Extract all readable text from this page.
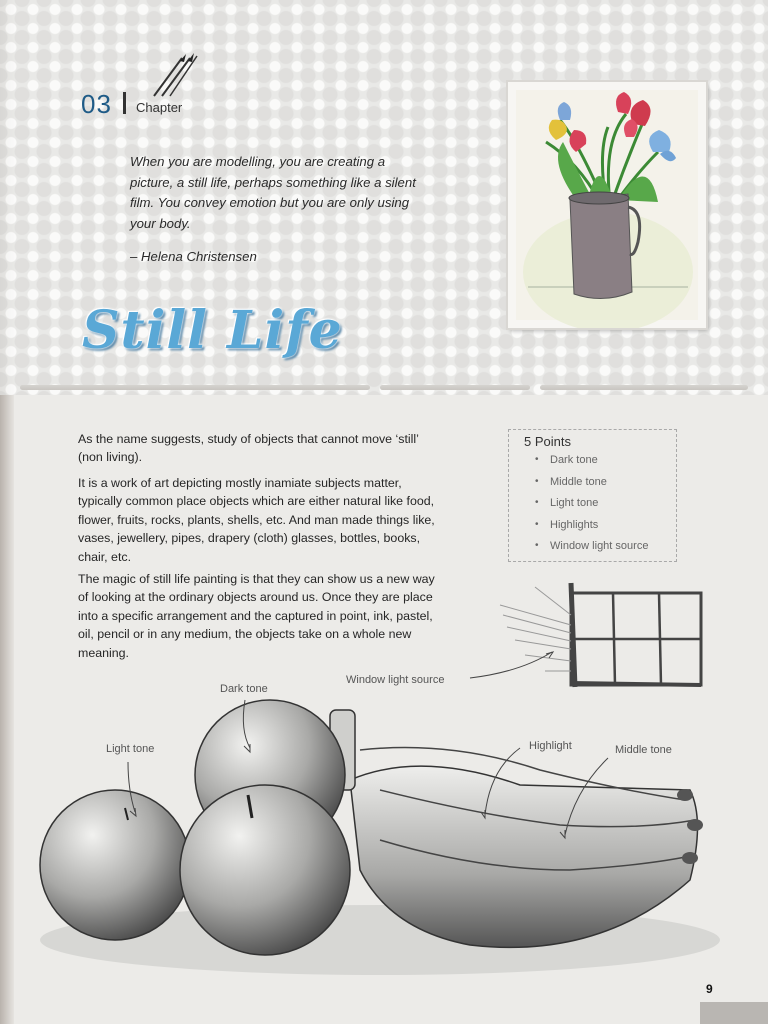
03 Chapter
When you are modelling, you are creating a picture, a still life, perhaps something like a silent film. You convey emotion but you are only using your body.
– Helena Christensen
Still Life

As the name suggests, study of objects that cannot move ‘still’ (non living).

It is a work of art depicting mostly inamiate subjects matter, typically common place objects which are either natural like food, flower, fruits, rocks, plants, shells, etc. And man made things like, vases, jewellery, pipes, drapery (cloth) glasses, bottles, books, chair, etc.

The magic of still life painting is that they can show us a new way of looking at the ordinary objects around us. Once they are place into a specific arrangement and the captured in point, ink, pastel, oil, pencil or in any medium, the objects take on a whole new meaning.

• Dark tone
• Middle tone
• Light tone
• Highlights
• Window light source
5 Points
Window light source
Dark tone
Light tone	Highlight	Middle tone
9
